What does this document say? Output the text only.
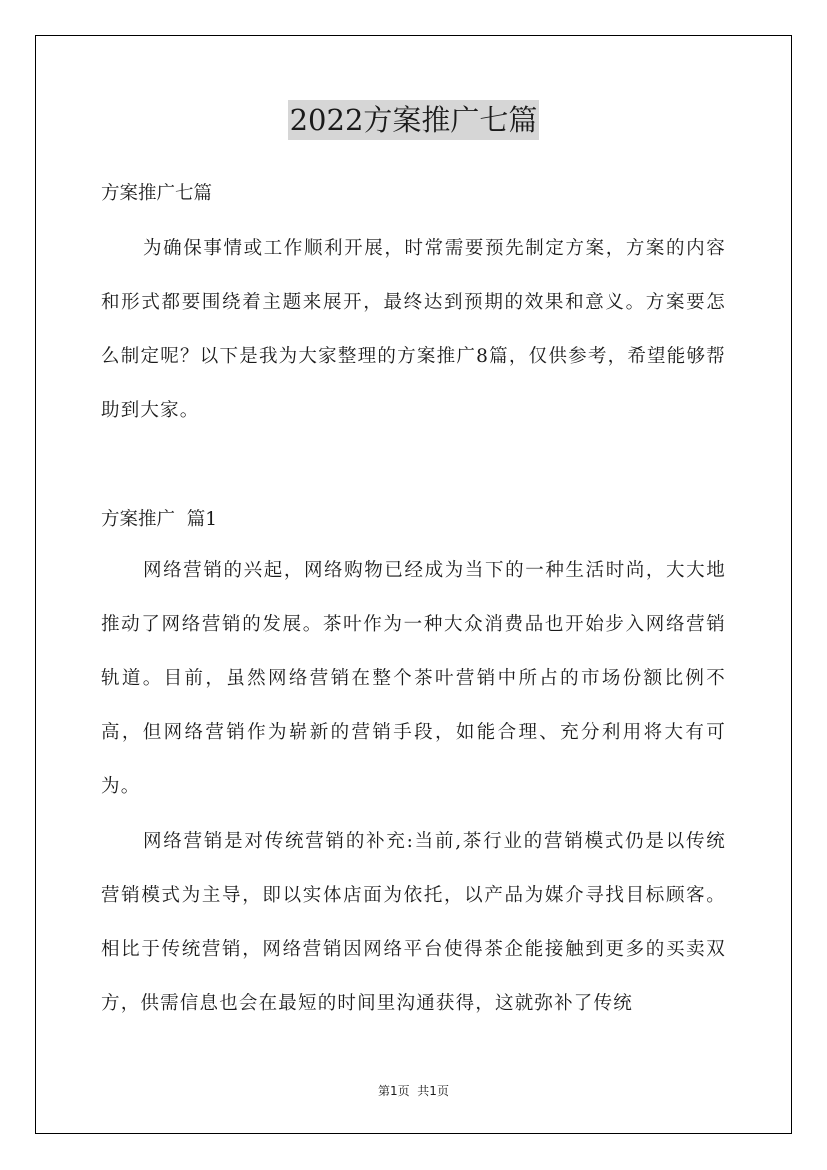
2022方案推广七篇

方案推广七篇

为确保事情或工作顺利开展，时常需要预先制定方案，方案的内容和形式都要围绕着主题来展开，最终达到预期的效果和意义。方案要怎么制定呢？以下是我为大家整理的方案推广8篇，仅供参考，希望能够帮助到大家。

方案推广  篇1

网络营销的兴起，网络购物已经成为当下的一种生活时尚，大大地推动了网络营销的发展。茶叶作为一种大众消费品也开始步入网络营销轨道。目前，虽然网络营销在整个茶叶营销中所占的市场份额比例不高，但网络营销作为崭新的营销手段，如能合理、充分利用将大有可为。

网络营销是对传统营销的补充:当前,茶行业的营销模式仍是以传统营销模式为主导，即以实体店面为依托，以产品为媒介寻找目标顾客。相比于传统营销，网络营销因网络平台使得茶企能接触到更多的买卖双方，供需信息也会在最短的时间里沟通获得，这就弥补了传统

第1页  共1页
